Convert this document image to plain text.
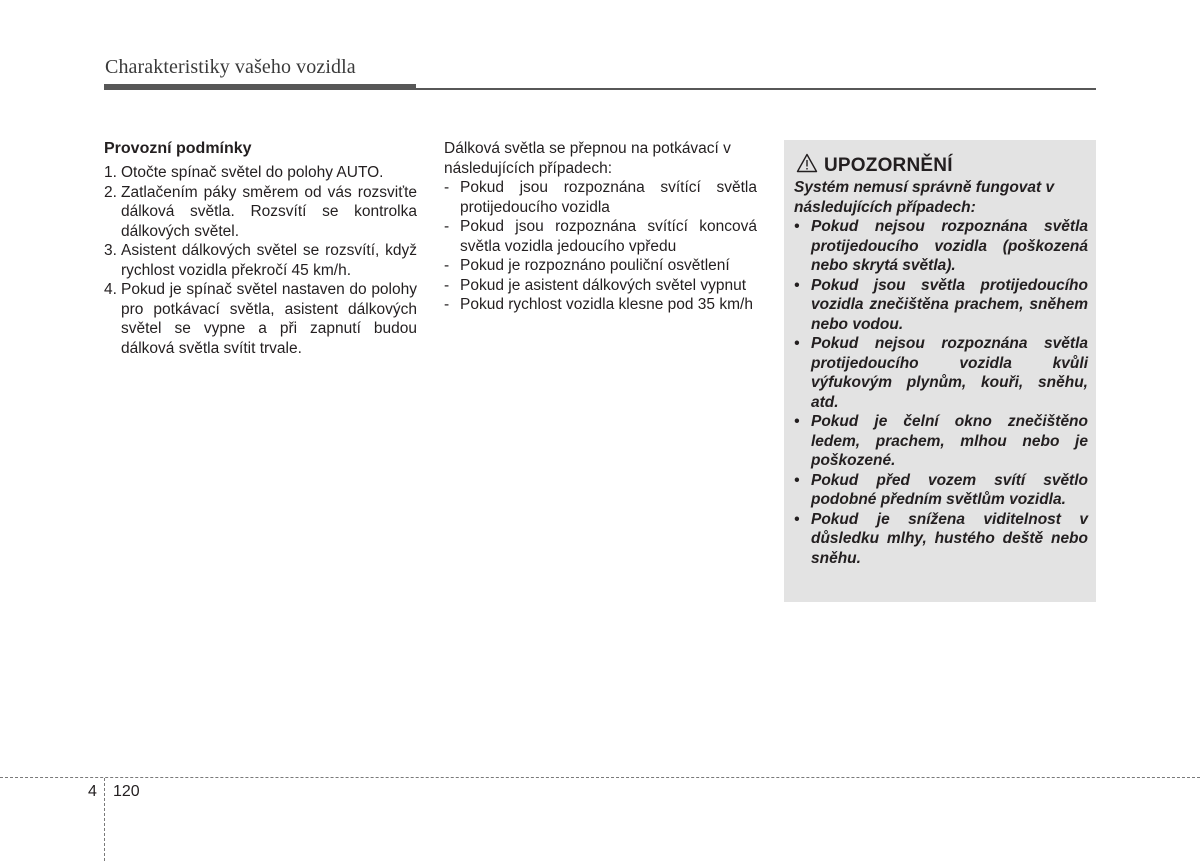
Charakteristiky vašeho vozidla
Provozní podmínky
1. Otočte spínač světel do polohy AUTO.
2. Zatlačením páky směrem od vás rozsviťte dálková světla. Rozsvítí se kontrolka dálkových světel.
3. Asistent dálkových světel se rozsvítí, když rychlost vozidla překročí 45 km/h.
4. Pokud je spínač světel nastaven do polohy pro potkávací světla, asistent dálkových světel se vypne a při zapnutí budou dálková světla svítit trvale.

Dálková světla se přepnou na potkávací v následujících případech:

- Pokud jsou rozpoznána svítící světla protijedoucího vozidla
- Pokud jsou rozpoznána svítící koncová světla vozidla jedoucího vpředu
- Pokud je rozpoznáno pouliční osvětlení
- Pokud je asistent dálkových světel vypnut
- Pokud rychlost vozidla klesne pod 35 km/h
UPOZORNĚNÍ

Systém nemusí správně fungovat v následujících případech:

• Pokud nejsou rozpoznána světla protijedoucího vozidla (poškozená nebo skrytá světla).
• Pokud jsou světla protijedoucího vozidla znečištěna prachem, sněhem nebo vodou.
• Pokud nejsou rozpoznána světla protijedoucího vozidla kvůli výfukovým plynům, kouři, sněhu, atd.
• Pokud je čelní okno znečištěno ledem, prachem, mlhou nebo je poškozené.
• Pokud před vozem svítí světlo podobné předním světlům vozidla.
• Pokud je snížena viditelnost v důsledku mlhy, hustého deště nebo sněhu.
4 120
